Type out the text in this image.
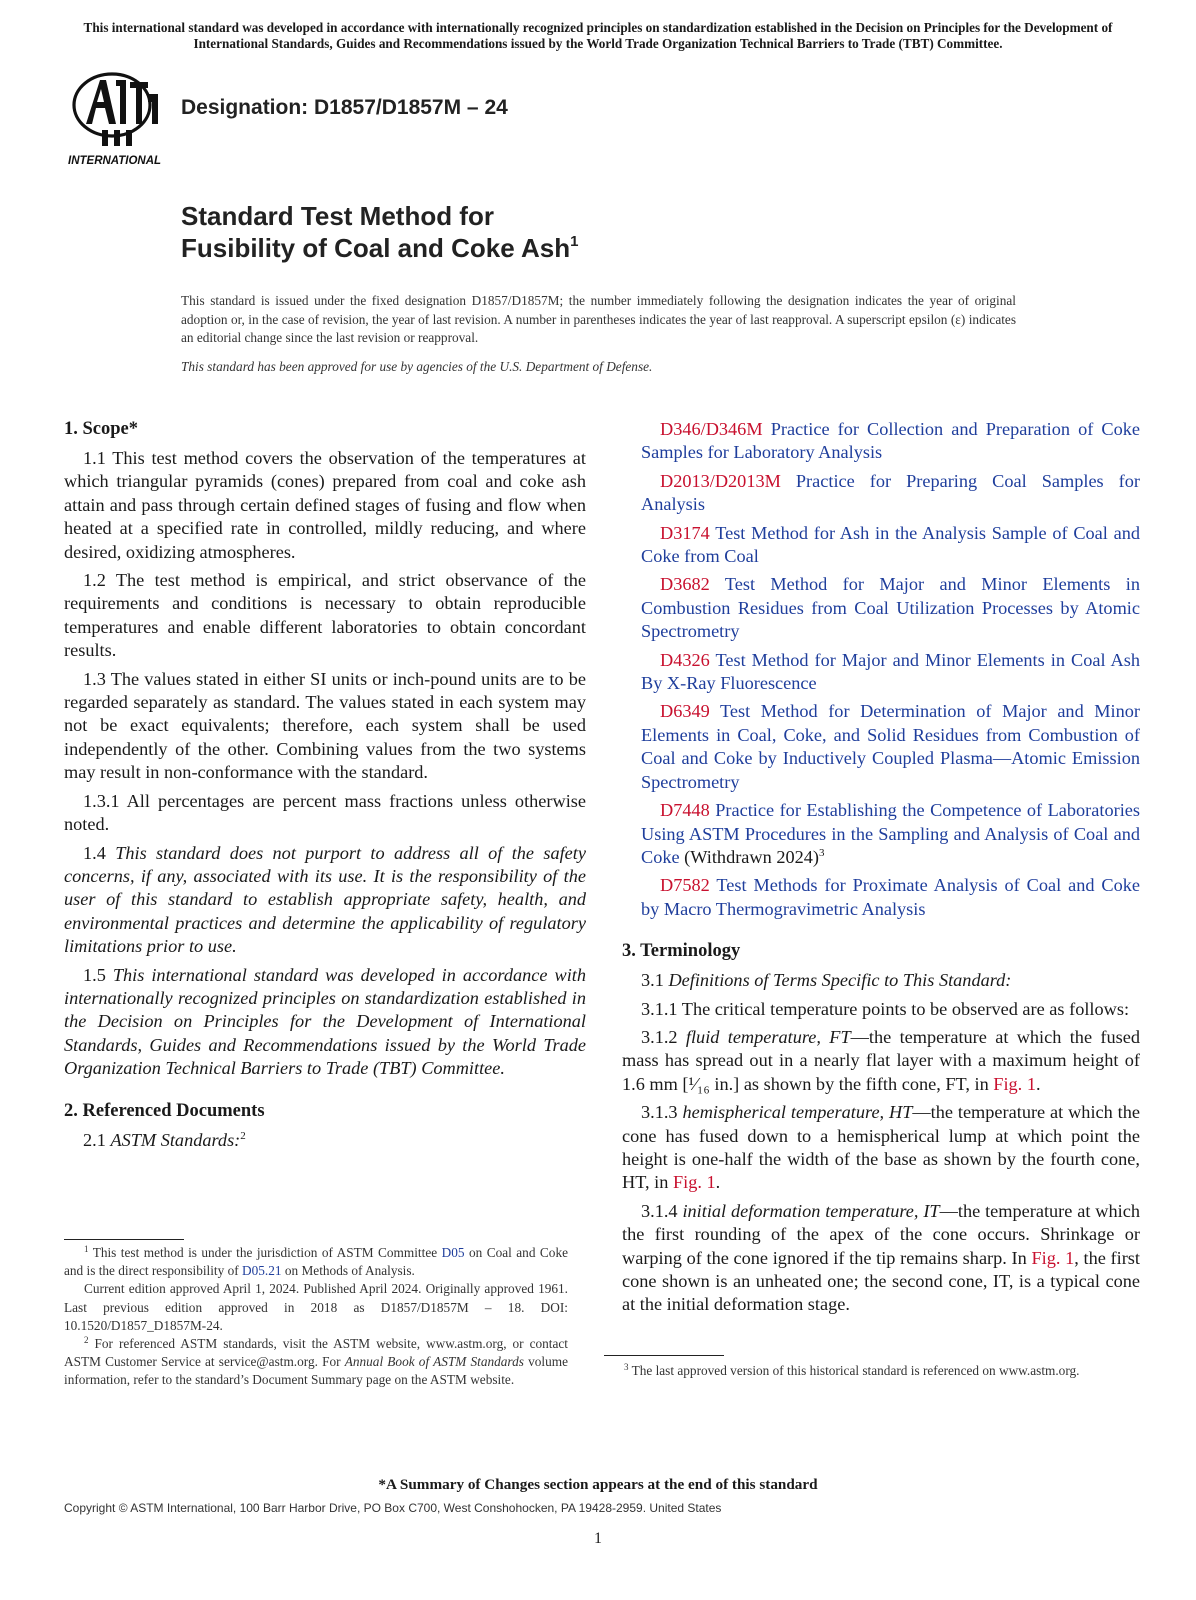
This international standard was developed in accordance with internationally recognized principles on standardization established in the Decision on Principles for the Development of International Standards, Guides and Recommendations issued by the World Trade Organization Technical Barriers to Trade (TBT) Committee.
INTERNATIONAL
Designation: D1857/D1857M – 24
Standard Test Method for
Fusibility of Coal and Coke Ash$^1$
This standard is issued under the fixed designation D1857/D1857M; the number immediately following the designation indicates the year of original adoption or, in the case of revision, the year of last revision. A number in parentheses indicates the year of last reapproval. A superscript epsilon (ε) indicates an editorial change since the last revision or reapproval.
This standard has been approved for use by agencies of the U.S. Department of Defense.
1. Scope*

1.1 This test method covers the observation of the temperatures at which triangular pyramids (cones) prepared from coal and coke ash attain and pass through certain defined stages of fusing and flow when heated at a specified rate in controlled, mildly reducing, and where desired, oxidizing atmospheres.

1.2 The test method is empirical, and strict observance of the requirements and conditions is necessary to obtain reproducible temperatures and enable different laboratories to obtain concordant results.

1.3 The values stated in either SI units or inch-pound units are to be regarded separately as standard. The values stated in each system may not be exact equivalents; therefore, each system shall be used independently of the other. Combining values from the two systems may result in non-conformance with the standard.

1.3.1 All percentages are percent mass fractions unless otherwise noted.

1.4 This standard does not purport to address all of the safety concerns, if any, associated with its use. It is the responsibility of the user of this standard to establish appropriate safety, health, and environmental practices and determine the applicability of regulatory limitations prior to use.

1.5 This international standard was developed in accordance with internationally recognized principles on standardization established in the Decision on Principles for the Development of International Standards, Guides and Recommendations issued by the World Trade Organization Technical Barriers to Trade (TBT) Committee.

2. Referenced Documents

2.1 ASTM Standards:$^2$

D346/D346M Practice for Collection and Preparation of Coke Samples for Laboratory Analysis

D2013/D2013M Practice for Preparing Coal Samples for Analysis

D3174 Test Method for Ash in the Analysis Sample of Coal and Coke from Coal

D3682 Test Method for Major and Minor Elements in Combustion Residues from Coal Utilization Processes by Atomic Spectrometry

D4326 Test Method for Major and Minor Elements in Coal Ash By X-Ray Fluorescence

D6349 Test Method for Determination of Major and Minor Elements in Coal, Coke, and Solid Residues from Combustion of Coal and Coke by Inductively Coupled Plasma—Atomic Emission Spectrometry

D7448 Practice for Establishing the Competence of Laboratories Using ASTM Procedures in the Sampling and Analysis of Coal and Coke (Withdrawn 2024)$^3$

D7582 Test Methods for Proximate Analysis of Coal and Coke by Macro Thermogravimetric Analysis

3. Terminology

3.1 Definitions of Terms Specific to This Standard:

3.1.1 The critical temperature points to be observed are as follows:

3.1.2 fluid temperature, FT—the temperature at which the fused mass has spread out in a nearly flat layer with a maximum height of 1.6 mm [¹⁄₁₆ in.] as shown by the fifth cone, FT, in Fig. 1.

3.1.3 hemispherical temperature, HT—the temperature at which the cone has fused down to a hemispherical lump at which point the height is one-half the width of the base as shown by the fourth cone, HT, in Fig. 1.

3.1.4 initial deformation temperature, IT—the temperature at which the first rounding of the apex of the cone occurs. Shrinkage or warping of the cone ignored if the tip remains sharp. In Fig. 1, the first cone shown is an unheated one; the second cone, IT, is a typical cone at the initial deformation stage.

$^1$ This test method is under the jurisdiction of ASTM Committee D05 on Coal and Coke and is the direct responsibility of D05.21 on Methods of Analysis.

Current edition approved April 1, 2024. Published April 2024. Originally approved 1961. Last previous edition approved in 2018 as D1857/D1857M – 18. DOI: 10.1520/D1857_D1857M-24.

$^2$ For referenced ASTM standards, visit the ASTM website, www.astm.org, or contact ASTM Customer Service at service@astm.org. For Annual Book of ASTM Standards volume information, refer to the standard’s Document Summary page on the ASTM website.

$^3$ The last approved version of this historical standard is referenced on www.astm.org.

*A Summary of Changes section appears at the end of this standard
Copyright © ASTM International, 100 Barr Harbor Drive, PO Box C700, West Conshohocken, PA 19428-2959. United States
1
